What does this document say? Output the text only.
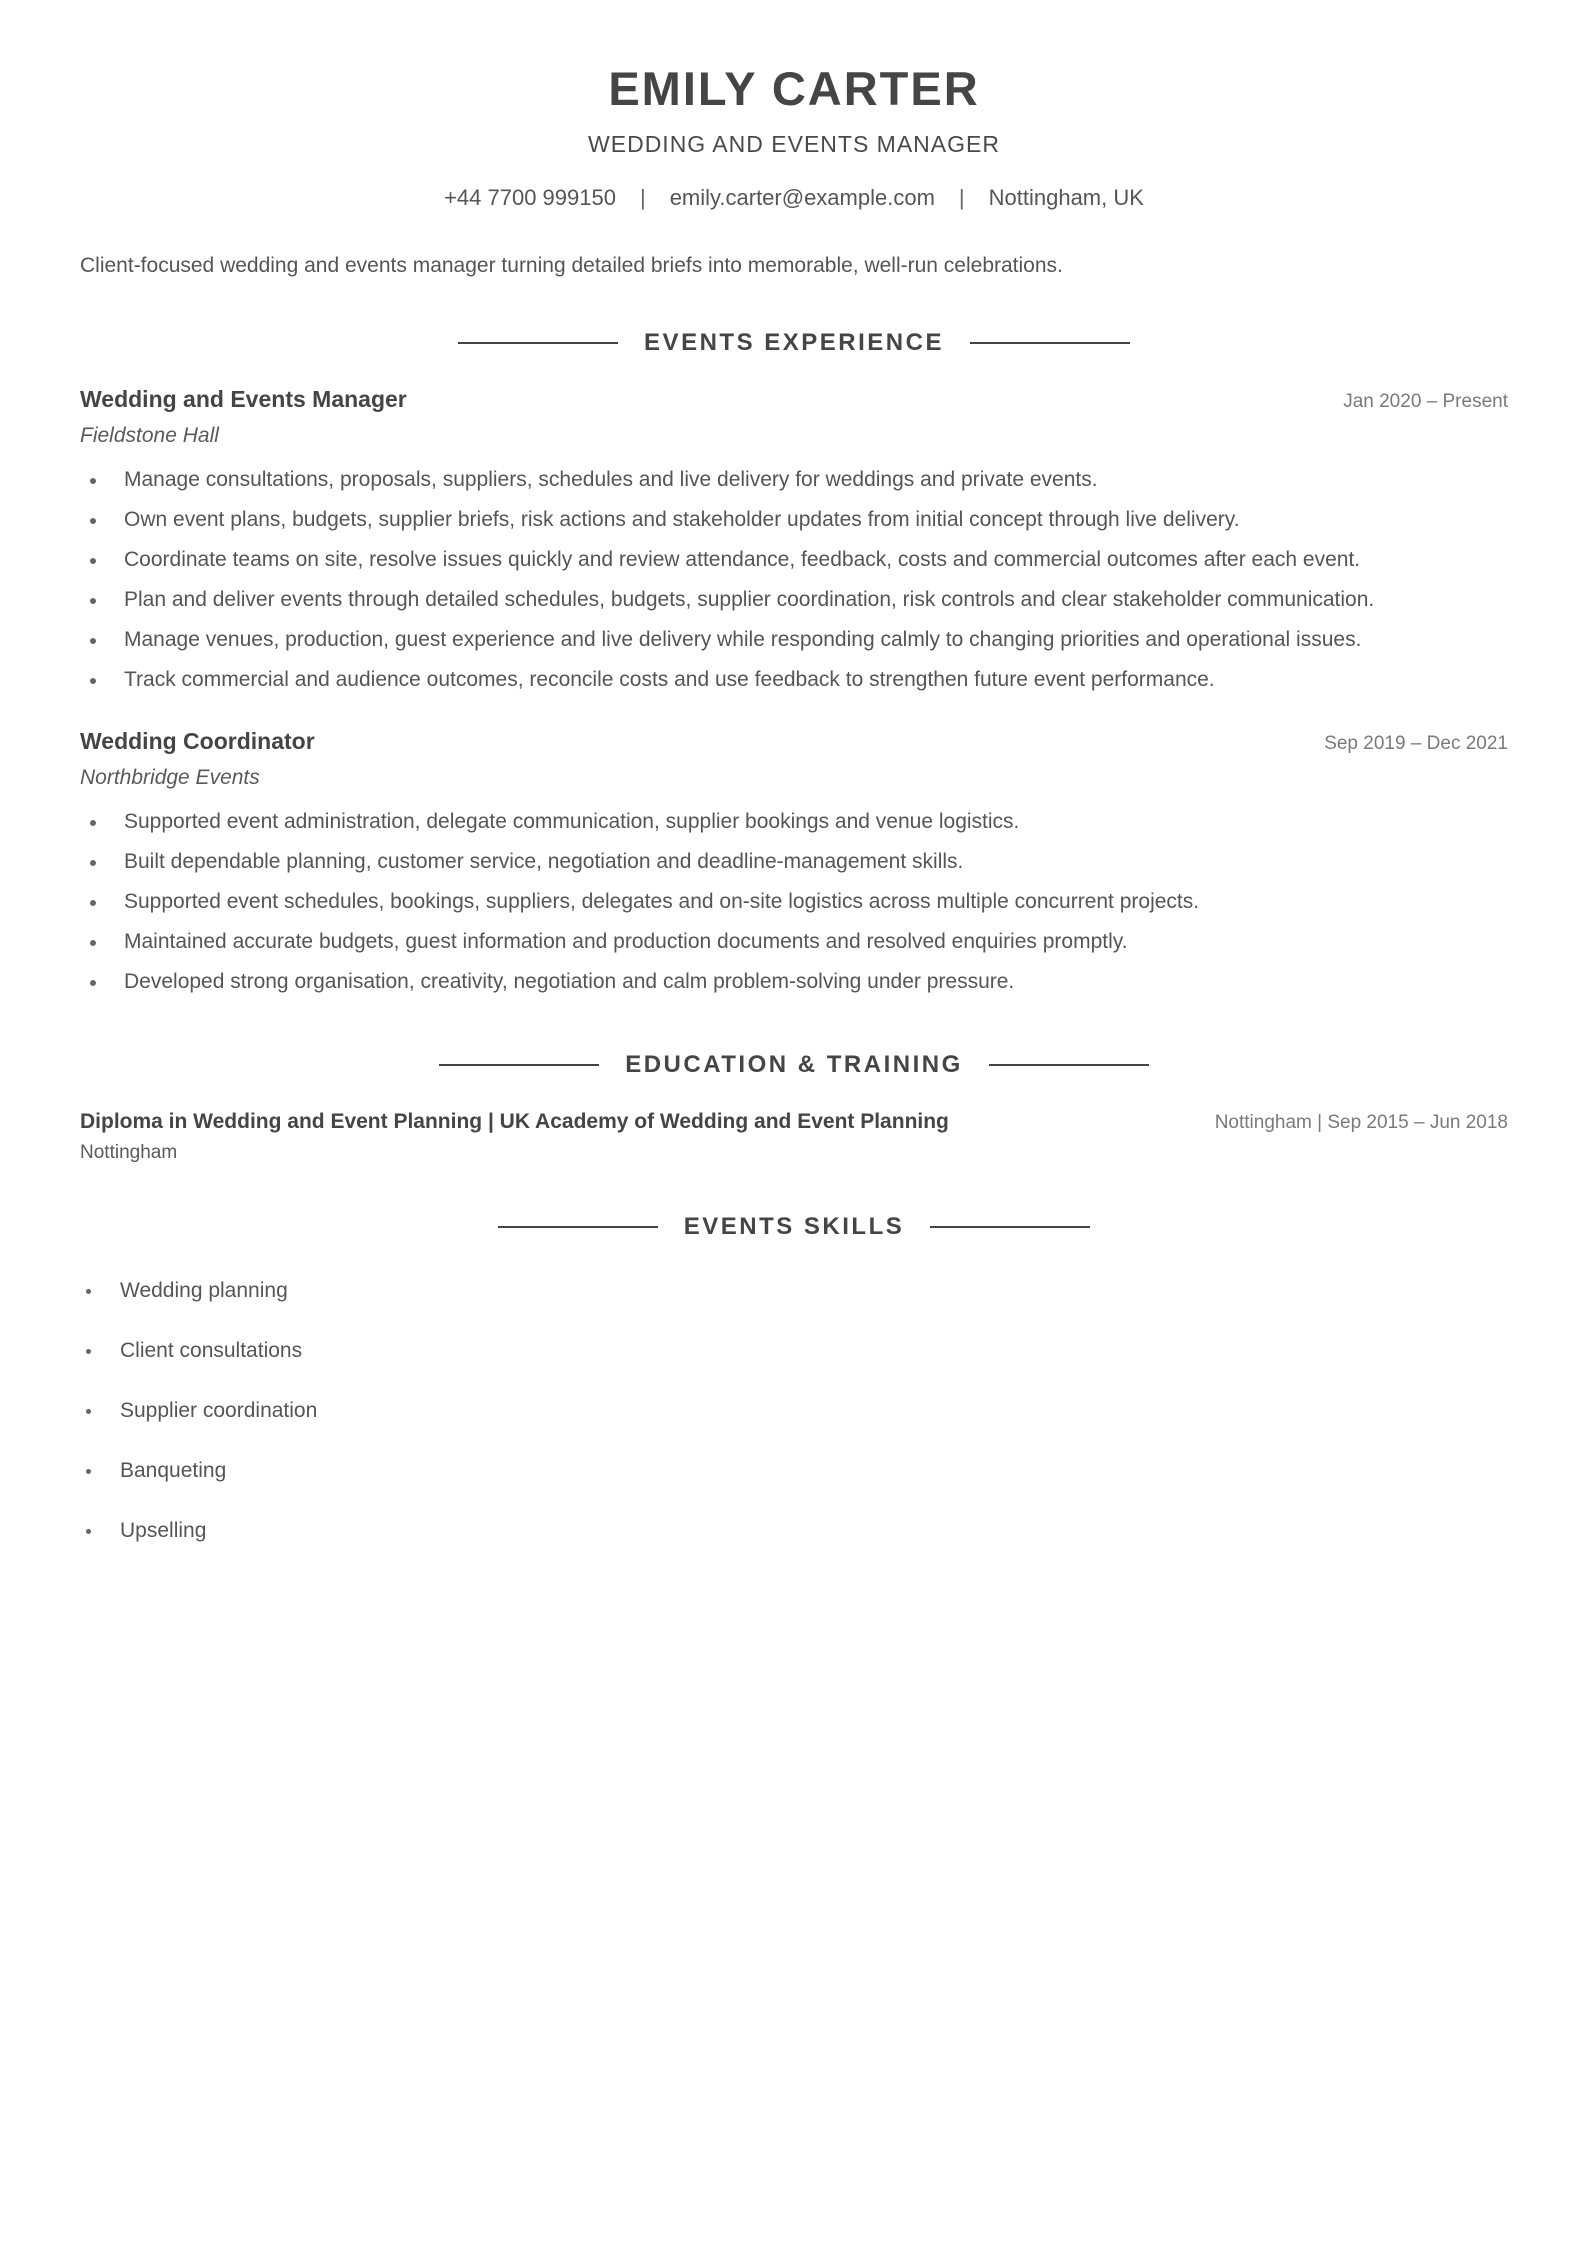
EMILY CARTER
WEDDING AND EVENTS MANAGER
+44 7700 999150 | emily.carter@example.com | Nottingham, UK
Client-focused wedding and events manager turning detailed briefs into memorable, well-run celebrations.
EVENTS EXPERIENCE
Wedding and Events Manager	Jan 2020 – Present
Fieldstone Hall
Manage consultations, proposals, suppliers, schedules and live delivery for weddings and private events.
Own event plans, budgets, supplier briefs, risk actions and stakeholder updates from initial concept through live delivery.
Coordinate teams on site, resolve issues quickly and review attendance, feedback, costs and commercial outcomes after each event.
Plan and deliver events through detailed schedules, budgets, supplier coordination, risk controls and clear stakeholder communication.
Manage venues, production, guest experience and live delivery while responding calmly to changing priorities and operational issues.
Track commercial and audience outcomes, reconcile costs and use feedback to strengthen future event performance.
Wedding Coordinator	Sep 2019 – Dec 2021
Northbridge Events
Supported event administration, delegate communication, supplier bookings and venue logistics.
Built dependable planning, customer service, negotiation and deadline-management skills.
Supported event schedules, bookings, suppliers, delegates and on-site logistics across multiple concurrent projects.
Maintained accurate budgets, guest information and production documents and resolved enquiries promptly.
Developed strong organisation, creativity, negotiation and calm problem-solving under pressure.
EDUCATION & TRAINING
Diploma in Wedding and Event Planning | UK Academy of Wedding and Event Planning	Nottingham | Sep 2015 – Jun 2018
Nottingham
EVENTS SKILLS
Wedding planning
Client consultations
Supplier coordination
Banqueting
Upselling
